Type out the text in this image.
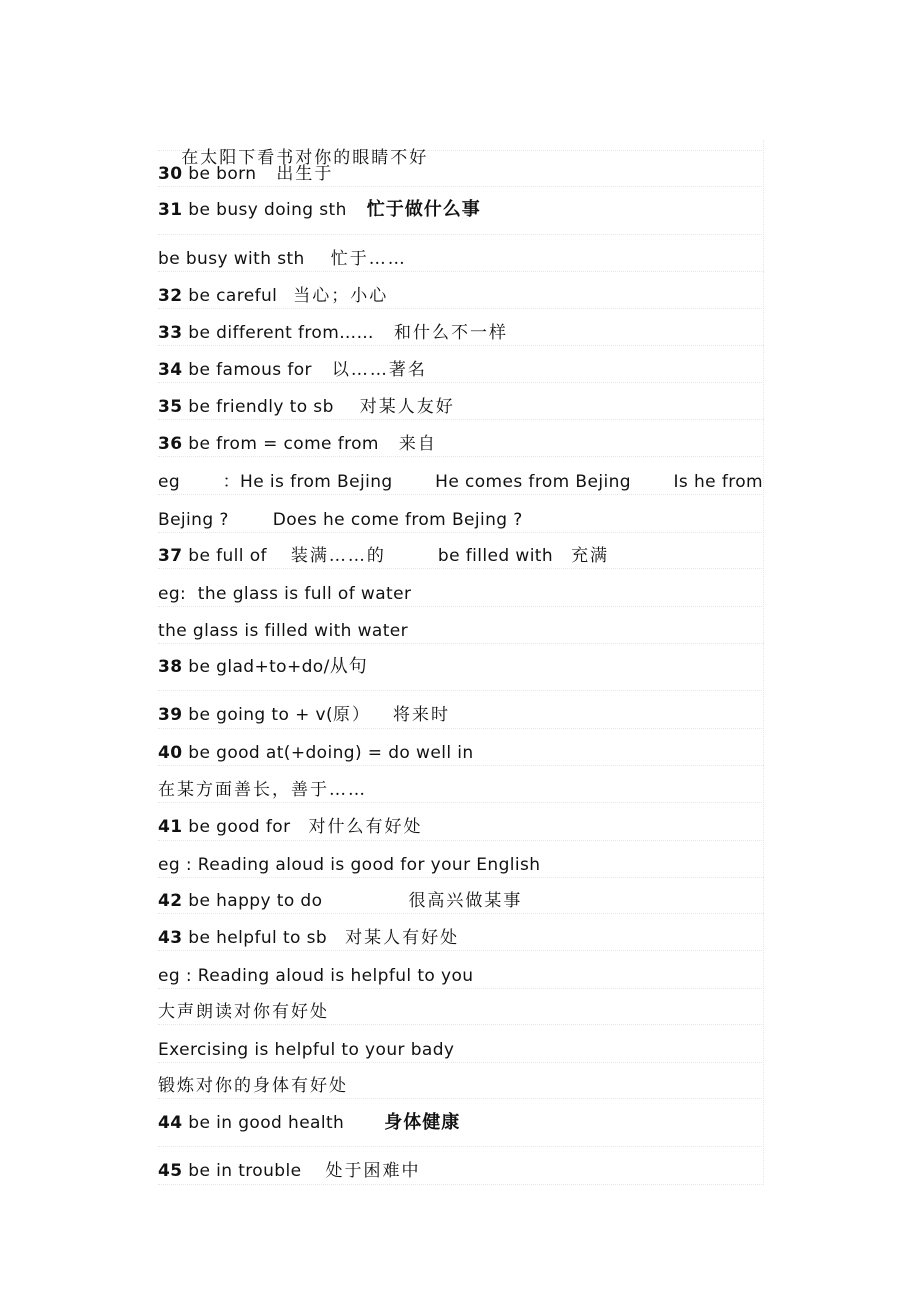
在太阳下看书对你的眼睛不好

30 be born 出生于
31 be busy doing sth 忙于做什么事
be busy with sth 忙于……
32 be careful 当心；小心
33 be different from…… 和什么不一样
34 be famous for 以……著名
35 be friendly to sb 对某人友好
36 be from = come from 来自
eg	：He is from Bejing	He comes from Bejing	Is he from
Bejing ?	Does he come from Bejing ?
37 be full of 装满……的	be filled with 充满
eg:  the glass is full of water
the glass is filled with water
38 be glad+to+do/从句
39 be going to + v(原） 将来时
40 be good at(+doing) = do well in
在某方面善长，善于……
41 be good for 对什么有好处
eg : Reading aloud is good for your English
42 be happy to do	很高兴做某事
43 be helpful to sb 对某人有好处
eg : Reading aloud is helpful to you
大声朗读对你有好处
Exercising is helpful to your bady
锻炼对你的身体有好处
44 be in good health 身体健康
45 be in trouble 处于困难中
